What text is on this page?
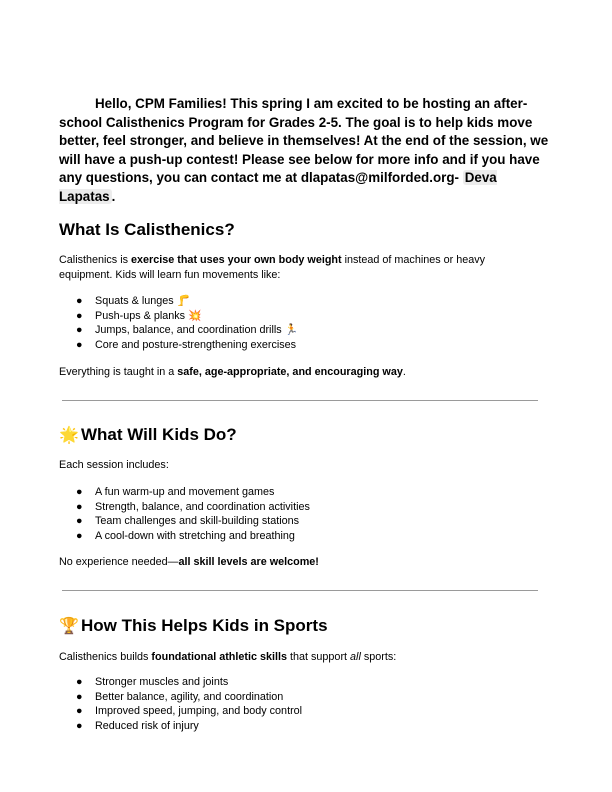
Hello, CPM Families! This spring I am excited to be hosting an after-school Calisthenics Program for Grades 2-5. The goal is to help kids move better, feel stronger, and believe in themselves! At the end of the session, we will have a push-up contest! Please see below for more info and if you have any questions, you can contact me at dlapatas@milforded.org- Deva Lapatas .
What Is Calisthenics?
Calisthenics is exercise that uses your own body weight instead of machines or heavy equipment. Kids will learn fun movements like:
● Squats & lunges 🦵
● Push-ups & planks 💥
● Jumps, balance, and coordination drills 🏃
● Core and posture-strengthening exercises
Everything is taught in a safe, age-appropriate, and encouraging way.
🌟 What Will Kids Do?
Each session includes:
● A fun warm-up and movement games
● Strength, balance, and coordination activities
● Team challenges and skill-building stations
● A cool-down with stretching and breathing
No experience needed—all skill levels are welcome!
🏆 How This Helps Kids in Sports
Calisthenics builds foundational athletic skills that support all sports:
● Stronger muscles and joints
● Better balance, agility, and coordination
● Improved speed, jumping, and body control
● Reduced risk of injury
